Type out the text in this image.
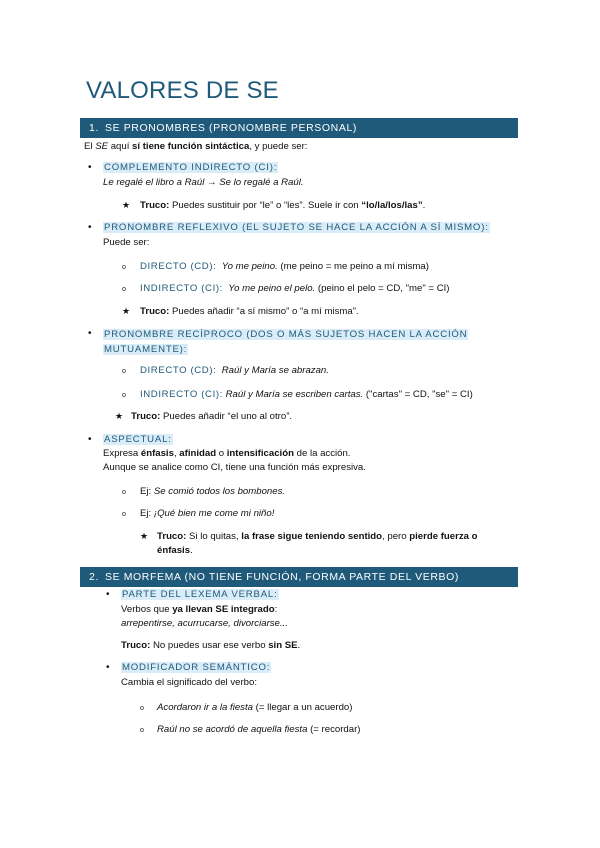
VALORES DE SE
1. SE PRONOMBRES (PRONOMBRE PERSONAL)
El SE aquí sí tiene función sintáctica, y puede ser:
• COMPLEMENTO INDIRECTO (CI):
Le regalé el libro a Raúl → Se lo regalé a Raúl.
★ Truco: Puedes sustituir por “le” o “les”. Suele ir con “lo/la/los/las”.
• PRONOMBRE REFLEXIVO (EL SUJETO SE HACE LA ACCIÓN A SÍ MISMO):
Puede ser:
o DIRECTO (CD): Yo me peino. (me peino = me peino a mí misma)
o INDIRECTO (CI): Yo me peino el pelo. (peino el pelo = CD, "me" = CI)
★ Truco: Puedes añadir “a sí mismo” o “a mí misma”.
• PRONOMBRE RECÍPROCO (DOS O MÁS SUJETOS HACEN LA ACCIÓN
MUTUAMENTE):
o DIRECTO (CD): Raúl y María se abrazan.
o INDIRECTO (CI): Raúl y María se escriben cartas. ("cartas" = CD, "se" = CI)
★ Truco: Puedes añadir “el uno al otro”.
• ASPECTUAL:
Expresa énfasis, afinidad o intensificación de la acción.
Aunque se analice como CI, tiene una función más expresiva.
o Ej: Se comió todos los bombones.
o Ej: ¡Qué bien me come mi niño!
★ Truco: Si lo quitas, la frase sigue teniendo sentido, pero pierde fuerza o
énfasis.
2. SE MORFEMA (NO TIENE FUNCIÓN, FORMA PARTE DEL VERBO)
• PARTE DEL LEXEMA VERBAL:
Verbos que ya llevan SE integrado:
arrepentirse, acurrucarse, divorciarse...
Truco: No puedes usar ese verbo sin SE.
• MODIFICADOR SEMÁNTICO:
Cambia el significado del verbo:
o Acordaron ir a la fiesta (= llegar a un acuerdo)
o Raúl no se acordó de aquella fiesta (= recordar)
